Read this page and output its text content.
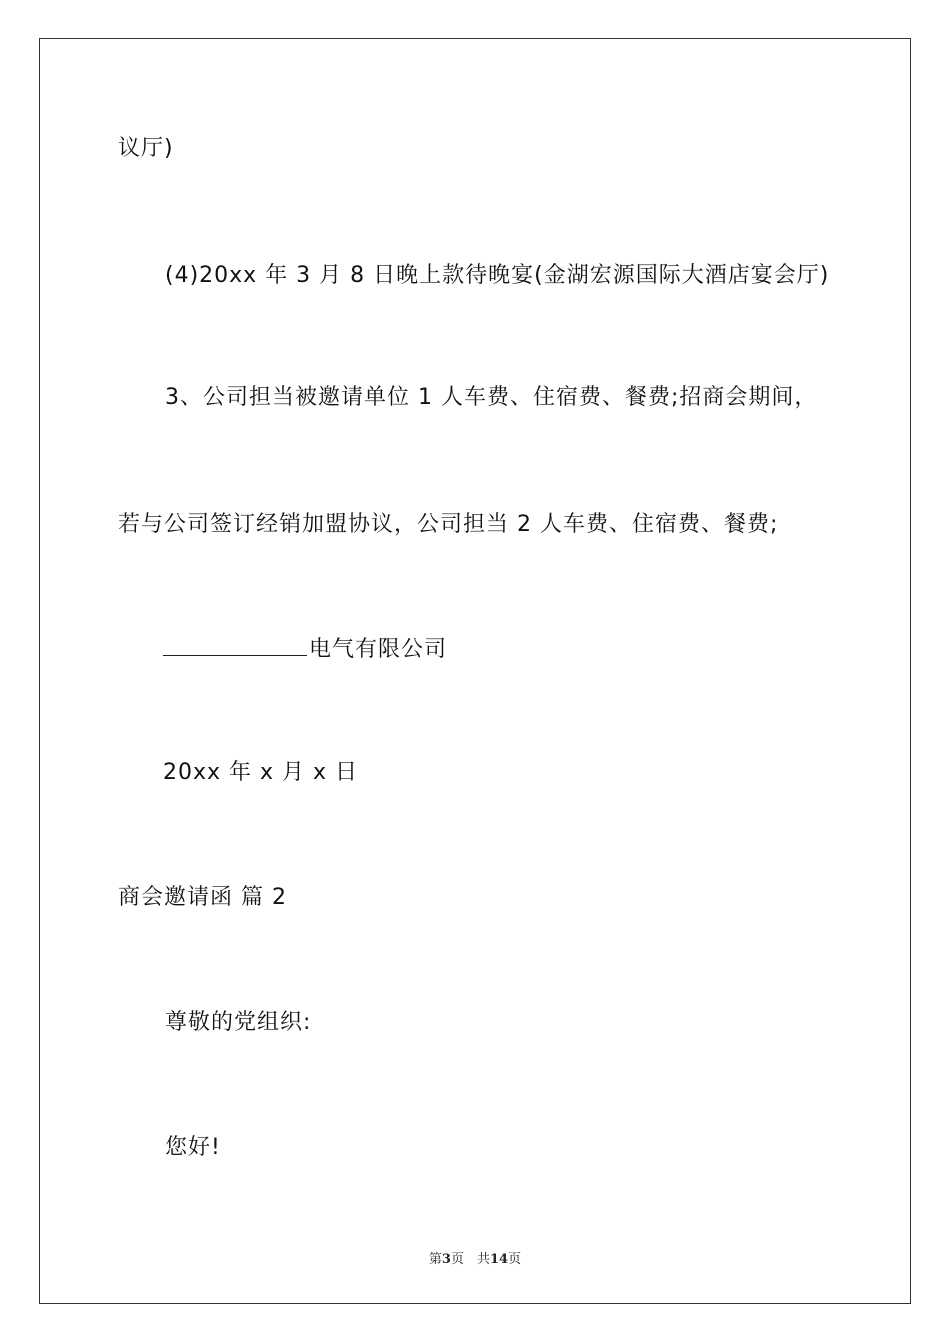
议厅)
(4)20xx 年 3 月 8 日晚上款待晚宴(金湖宏源国际大酒店宴会厅)
3、公司担当被邀请单位 1 人车费、住宿费、餐费;招商会期间，
若与公司签订经销加盟协议，公司担当 2 人车费、住宿费、餐费;
电气有限公司
20xx 年 x 月 x 日
商会邀请函 篇 2
尊敬的党组织:
您好!
第3页　共14页
